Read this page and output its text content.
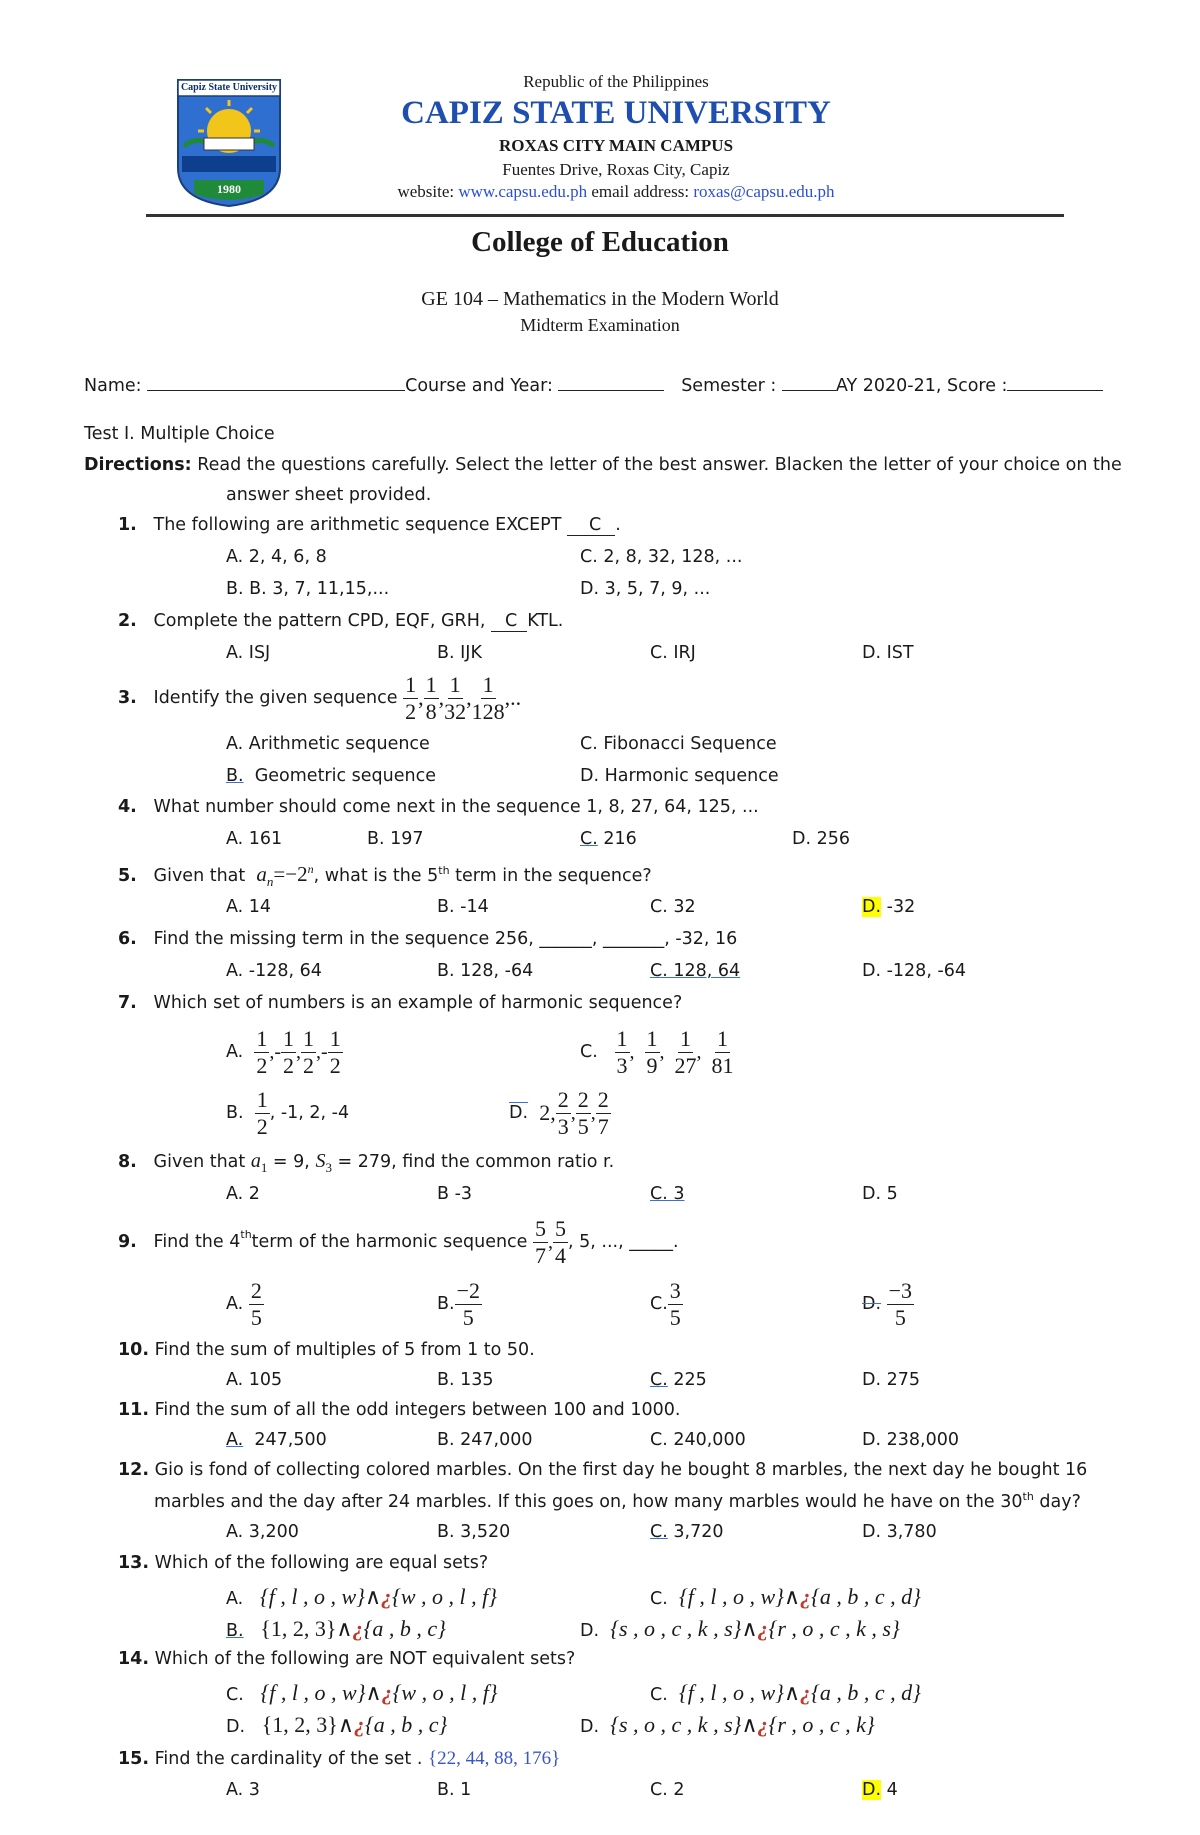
Capiz State University
1980
Republic of the Philippines
CAPIZ STATE UNIVERSITY
ROXAS CITY MAIN CAMPUS
Fuentes Drive, Roxas City, Capiz
website: www.capsu.edu.ph email address: roxas@capsu.edu.ph
College of Education
GE 104 – Mathematics in the Modern World
Midterm Examination
Name:	Course and Year:	Semester :	AY 2020-21, Score :
Test I. Multiple Choice
Directions: Read the questions carefully. Select the letter of the best answer. Blacken the letter of your choice on the
answer sheet provided.
1. The following are arithmetic sequence EXCEPT C .
A. 2, 4, 6, 8	C. 2, 8, 32, 128, ...
B. B. 3, 7, 11,15,...	D. 3, 5, 7, 9, ...
2. Complete the pattern CPD, EQF, GRH, C KTL.
A. ISJ	B. IJK	C. IRJ	D. IST
3.
Identify the given sequence
$\frac{1}{2}$ , $\frac{1}{8}$ , $\frac{1}{32}$ , $\frac{1}{128}$ , ..
A. Arithmetic sequence	C. Fibonacci Sequence
B. Geometric sequence	D. Harmonic sequence
4. What number should come next in the sequence 1, 8, 27, 64, 125, ...
A. 161	B. 197	C. 216	D. 256
5. Given that $a_n=-2^n$, what is the 5th term in the sequence?
A. 14	B. -14	C. 32	D. -32
6. Find the missing term in the sequence 256, ______, _______, -32, 16
A. -128, 64	B. 128, -64	C. 128, 64	D. -128, -64
7. Which set of numbers is an example of harmonic sequence?
A.
$\frac{1}{2}$ ,- $\frac{1}{2}$ , $\frac{1}{2}$ ,- $\frac{1}{2}$	C.
$\frac{1}{3}$ , $\frac{1}{9}$ , $\frac{1}{27}$ , $\frac{1}{81}$
B.
$\frac{1}{2}$ , -1, 2, -4	D.
2, $\frac{2}{3}$ , $\frac{2}{5}$ , $\frac{2}{7}$
8. Given that $a_1 = 9$, $S_3 = 279$, find the common ratio r.
A. 2	B -3	C. 3	D. 5
9.
Find the 4th term of the harmonic sequence
$\frac{5}{7}$ , $\frac{5}{4}$ , 5, ..., _____.
A.
$\frac{2}{5}$	B. $\frac{-2}{5}$	C. $\frac{3}{5}$	D.
$\frac{-3}{5}$
10. Find the sum of multiples of 5 from 1 to 50.
A. 105	B. 135	C. 225	D. 275
11. Find the sum of all the odd integers between 100 and 1000.
A. 247,500	B. 247,000	C. 240,000	D. 238,000
12. Gio is fond of collecting colored marbles. On the first day he bought 8 marbles, the next day he bought 16
marbles and the day after 24 marbles. If this goes on, how many marbles would he have on the 30th day?
A. 3,200	B. 3,520	C. 3,720	D. 3,780
13. Which of the following are equal sets?
A. {f , l , o , w}∧¿{w , o , l , f}	C. {f , l , o , w}∧¿{a , b , c , d}
B. {1, 2, 3}∧¿{a , b , c}	D. {s , o , c , k , s}∧¿{r , o , c , k , s}
14. Which of the following are NOT equivalent sets?
C. {f , l , o , w}∧¿{w , o , l , f}	C. {f , l , o , w}∧¿{a , b , c , d}
D. {1, 2, 3}∧¿{a , b , c}	D. {s , o , c , k , s}∧¿{r , o , c , k}
15. Find the cardinality of the set . {22, 44, 88, 176}
A. 3	B. 1	C. 2	D. 4
